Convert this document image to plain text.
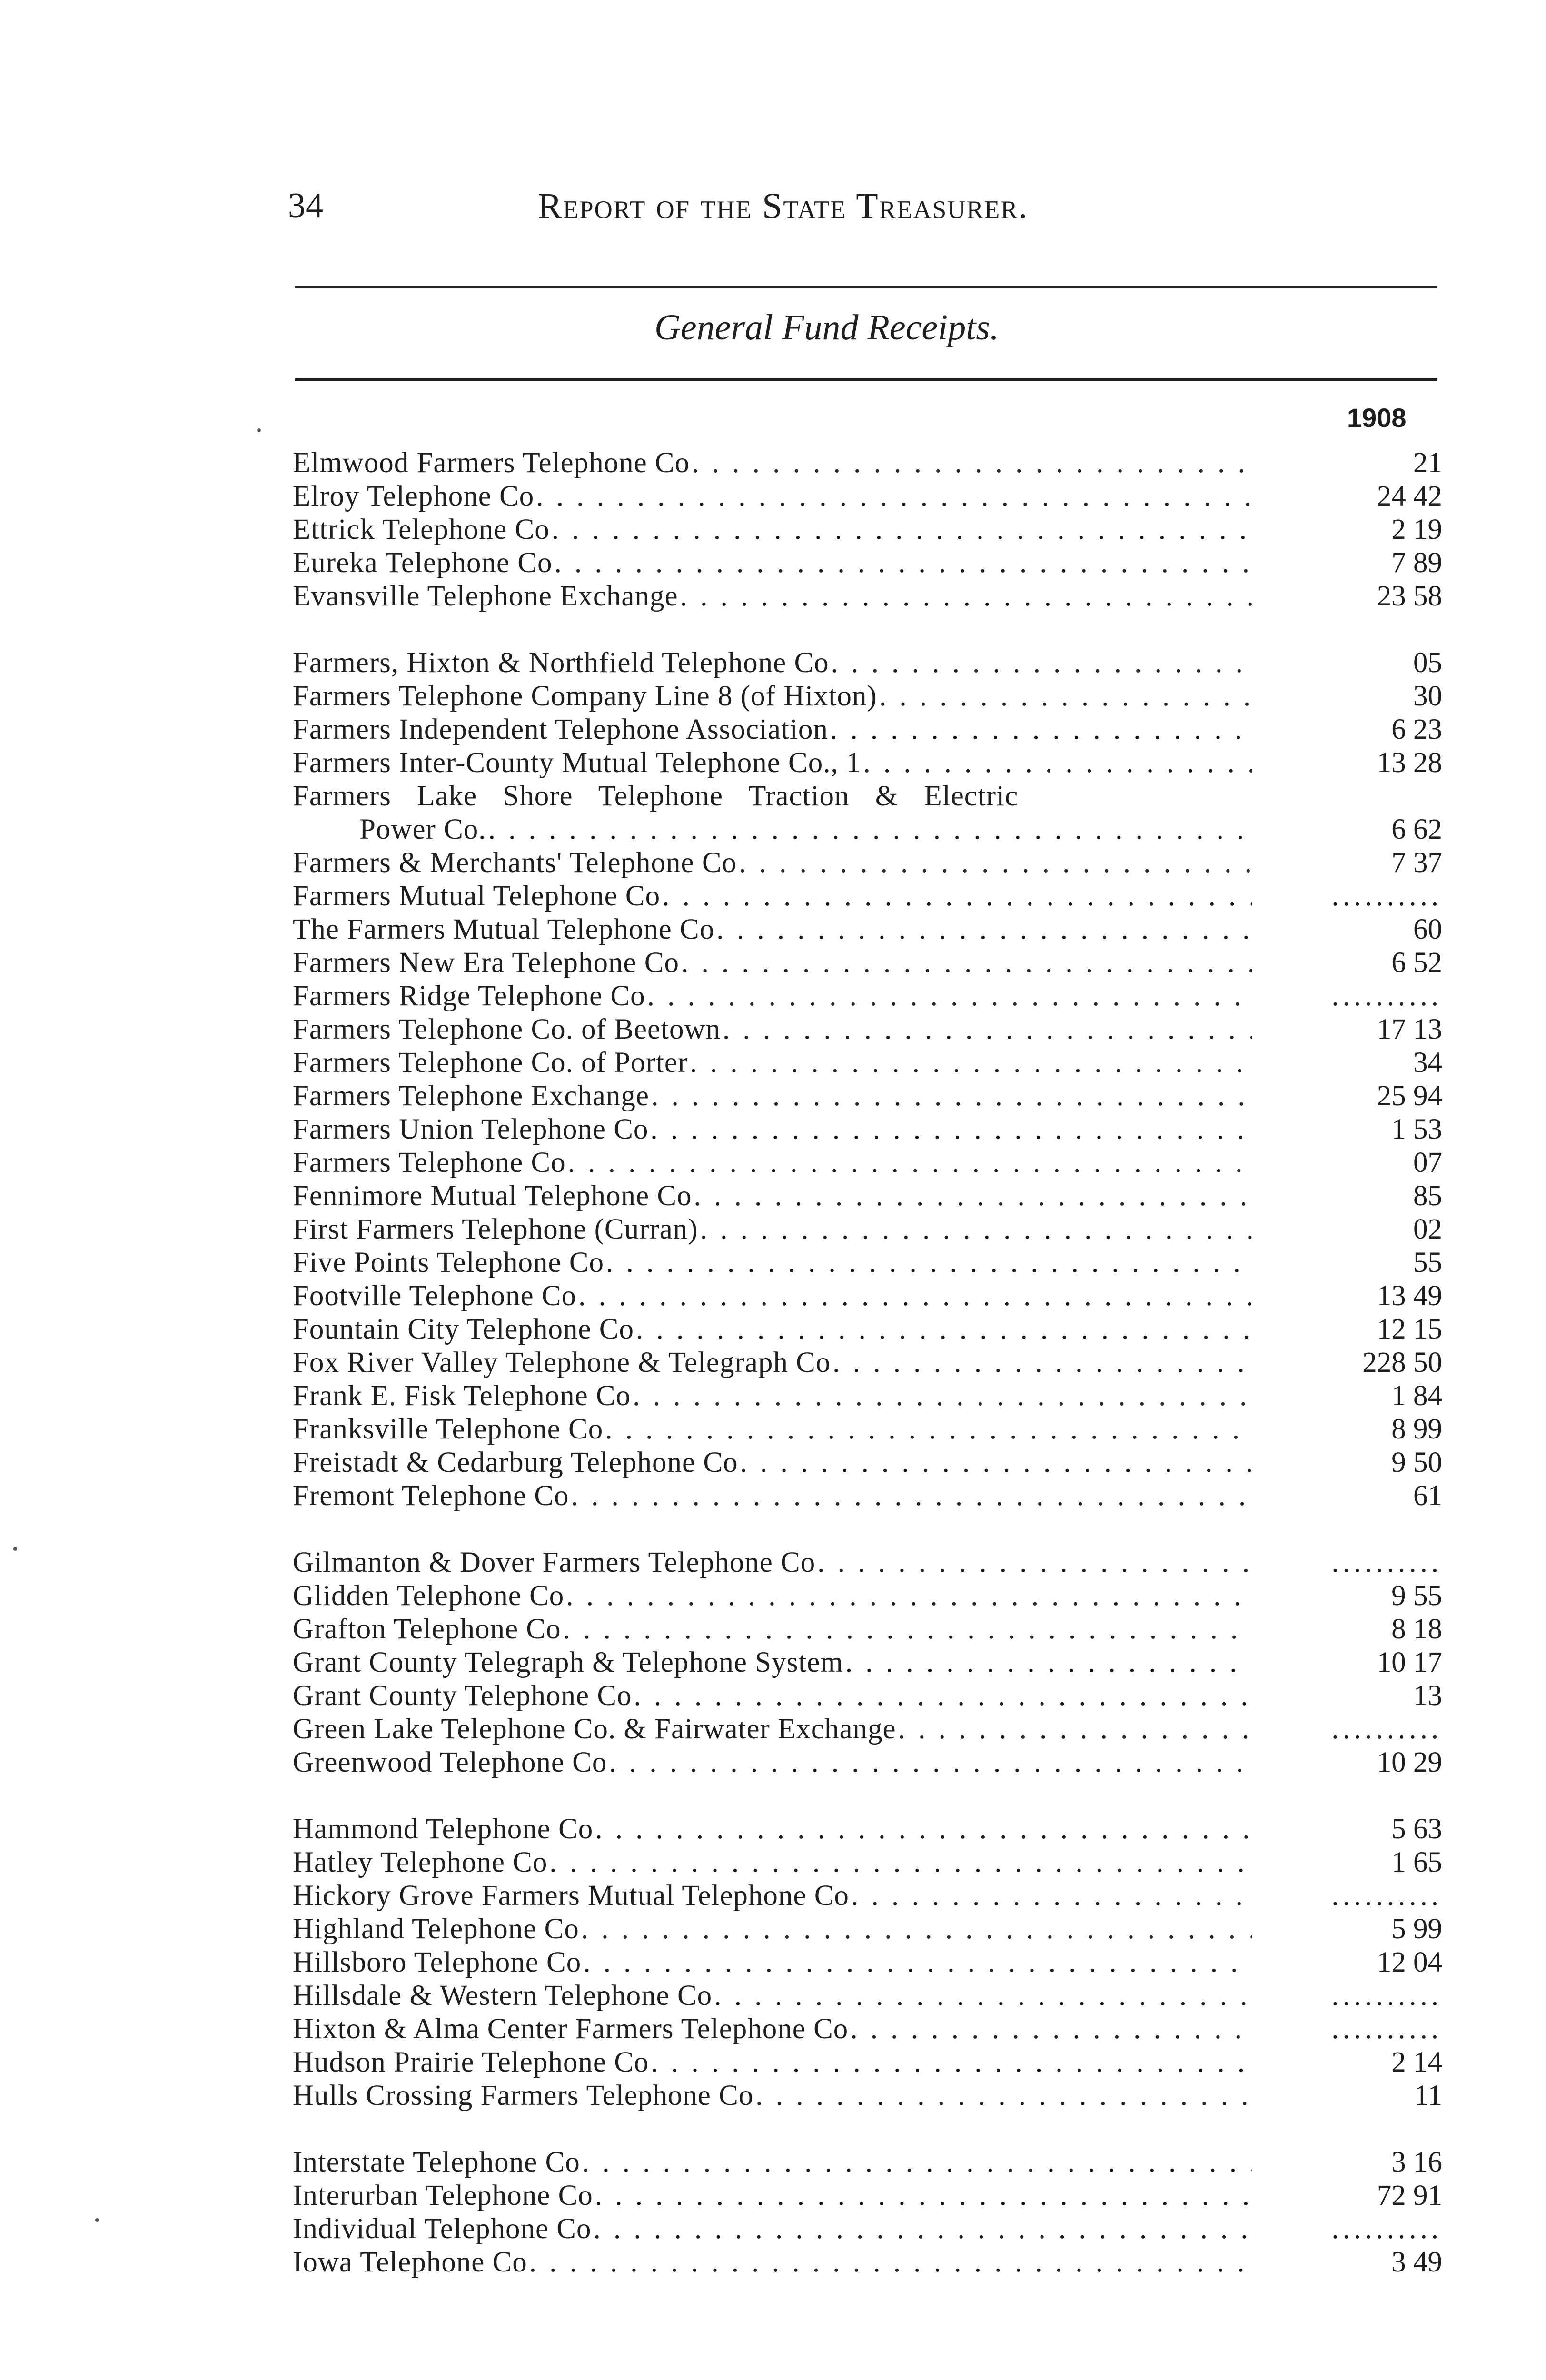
34	Report of the State Treasurer.
General Fund Receipts.
1908
Elmwood Farmers Telephone Co . . .	21
Elroy Telephone Co . . .	24 42
Ettrick Telephone Co . . .	2 19
Eureka Telephone Co . . .	7 89
Evansville Telephone Exchange . . .	23 58
Farmers, Hixton & Northfield Telephone Co . . .	05
Farmers Telephone Company Line 8 (of Hixton) . . .	30
Farmers Independent Telephone Association . . .	6 23
Farmers Inter-County Mutual Telephone Co., 1 . . .	13 28
Farmers Lake Shore Telephone Traction & Electric
Power Co. . . .	6 62
Farmers & Merchants' Telephone Co . . .	7 37
Farmers Mutual Telephone Co . . .	..........
The Farmers Mutual Telephone Co . . .	60
Farmers New Era Telephone Co . . .	6 52
Farmers Ridge Telephone Co . . .	..........
Farmers Telephone Co. of Beetown . . .	17 13
Farmers Telephone Co. of Porter . . .	34
Farmers Telephone Exchange . . .	25 94
Farmers Union Telephone Co . . .	1 53
Farmers Telephone Co . . .	07
Fennimore Mutual Telephone Co . . .	85
First Farmers Telephone (Curran) . . .	02
Five Points Telephone Co . . .	55
Footville Telephone Co . . .	13 49
Fountain City Telephone Co . . .	12 15
Fox River Valley Telephone & Telegraph Co . . .	228 50
Frank E. Fisk Telephone Co . . .	1 84
Franksville Telephone Co . . .	8 99
Freistadt & Cedarburg Telephone Co . . .	9 50
Fremont Telephone Co . . .	61
Gilmanton & Dover Farmers Telephone Co . . .	..........
Glidden Telephone Co . . .	9 55
Grafton Telephone Co . . .	8 18
Grant County Telegraph & Telephone System . . .	10 17
Grant County Telephone Co . . .	13
Green Lake Telephone Co. & Fairwater Exchange . . .	..........
Greenwood Telephone Co . . .	10 29
Hammond Telephone Co . . .	5 63
Hatley Telephone Co . . .	1 65
Hickory Grove Farmers Mutual Telephone Co . . .	..........
Highland Telephone Co . . .	5 99
Hillsboro Telephone Co . . .	12 04
Hillsdale & Western Telephone Co . . .	..........
Hixton & Alma Center Farmers Telephone Co . . .	..........
Hudson Prairie Telephone Co . . .	2 14
Hulls Crossing Farmers Telephone Co . . .	11
Interstate Telephone Co . . .	3 16
Interurban Telephone Co . . .	72 91
Individual Telephone Co . . .	..........
Iowa Telephone Co . . .	3 49
